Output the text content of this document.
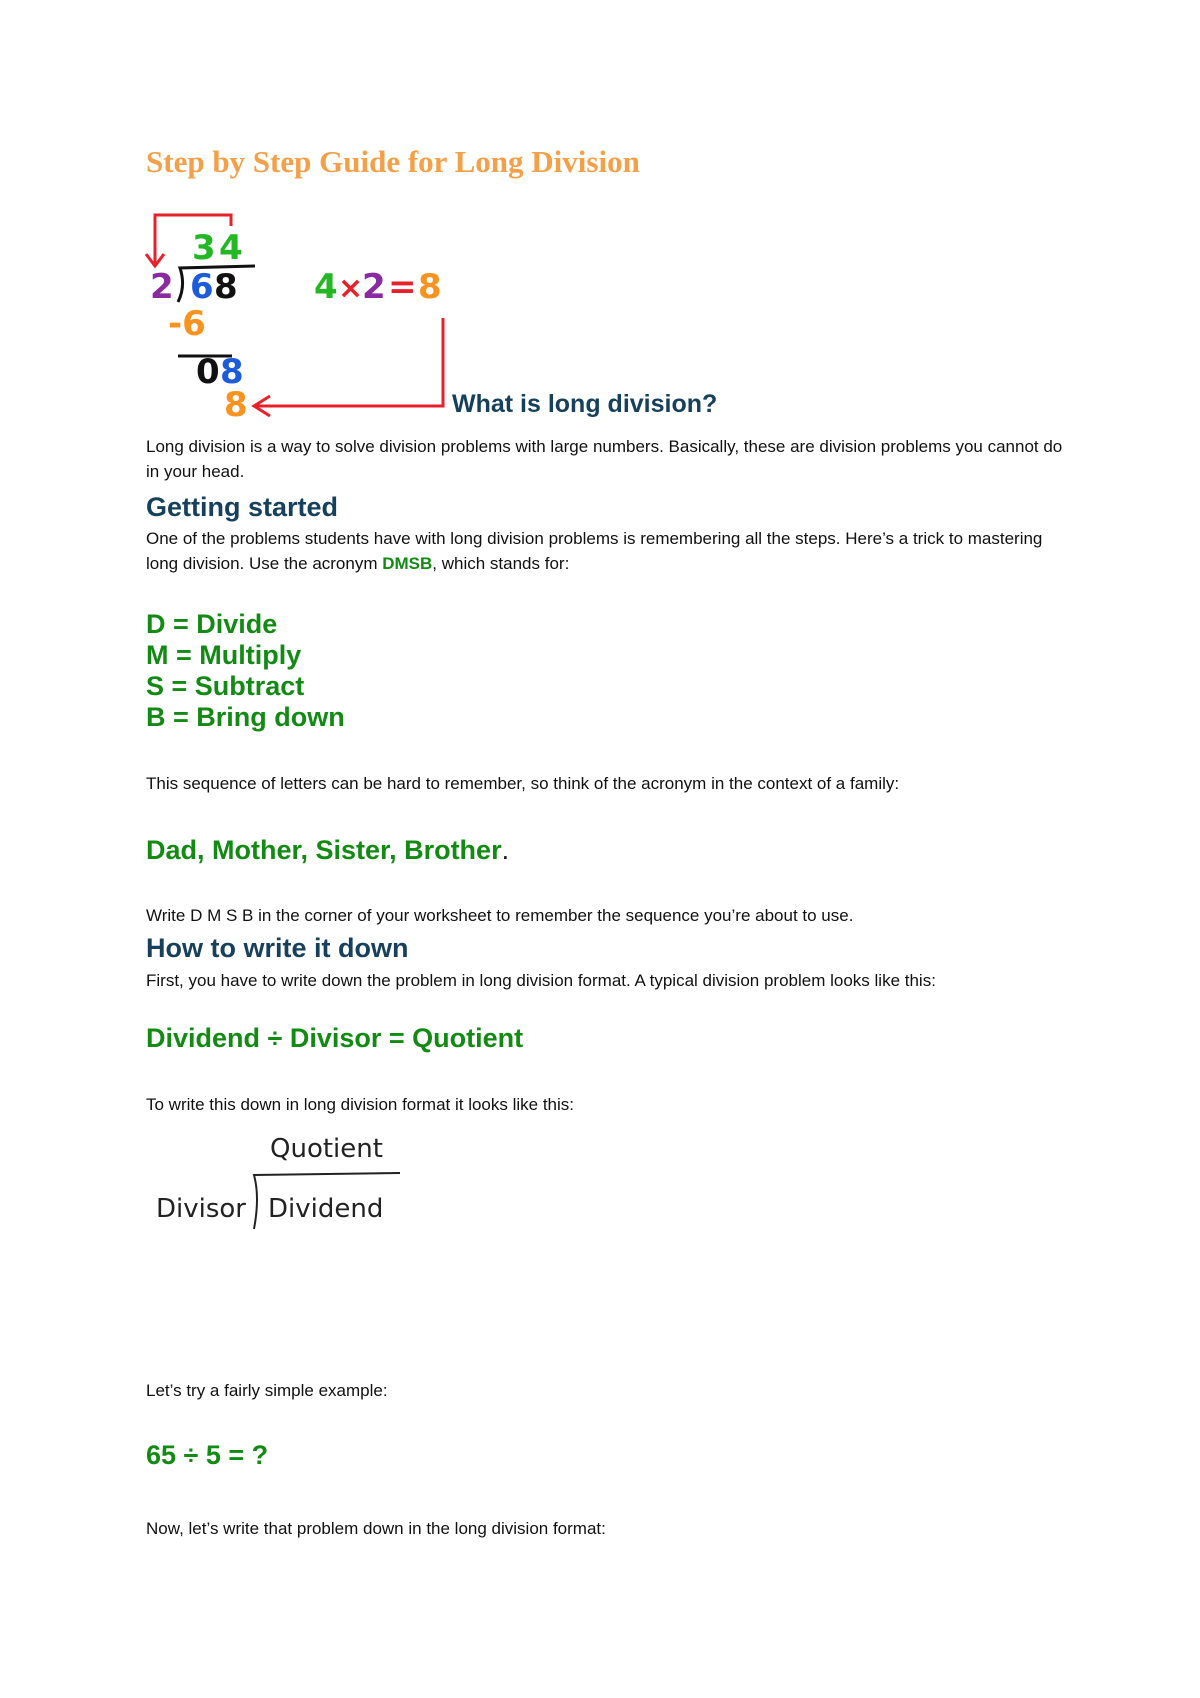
Step by Step Guide for Long Division
3 4
2 6 8
-6
0 8
8
4 ×
2 = 8
What is long division?
Long division is a way to solve division problems with large numbers. Basically, these are division problems you cannot do in your head.
Getting started
One of the problems students have with long division problems is remembering all the steps. Here’s a trick to mastering long division. Use the acronym DMSB, which stands for:
D = Divide
M = Multiply
S = Subtract
B = Bring down
This sequence of letters can be hard to remember, so think of the acronym in the context of a family:
Dad, Mother, Sister, Brother.
Write D M S B in the corner of your worksheet to remember the sequence you’re about to use.
How to write it down
First, you have to write down the problem in long division format. A typical division problem looks like this:
Dividend ÷ Divisor = Quotient
To write this down in long division format it looks like this:
Quotient
Divisor Dividend
Let’s try a fairly simple example:
65 ÷ 5 = ?
Now, let’s write that problem down in the long division format:
